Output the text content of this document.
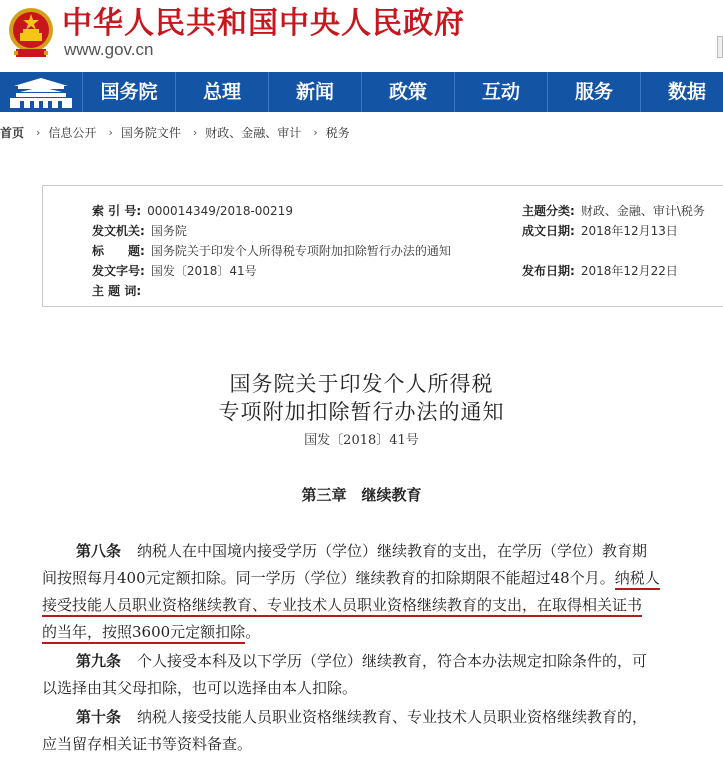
中华人民共和国中央人民政府
www.gov.cn
国务院	总理	新闻	政策	互动	服务	数据
首页 › 信息公开 › 国务院文件 › 财政、金融、审计 › 税务
索 引 号: 000014349/2018-00219	主题分类: 财政、金融、审计\税务
发文机关: 国务院	成文日期: 2018年12月13日
标　　题: 国务院关于印发个人所得税专项附加扣除暂行办法的通知
发文字号: 国发〔2018〕41号	发布日期: 2018年12月22日
主 题 词:
国务院关于印发个人所得税
专项附加扣除暂行办法的通知
国发〔2018〕41号
第三章　继续教育
第八条 纳税人在中国境内接受学历（学位）继续教育的支出，在学历（学位）教育期
间按照每月400元定额扣除。同一学历（学位）继续教育的扣除期限不能超过48个月。纳税人
接受技能人员职业资格继续教育、专业技术人员职业资格继续教育的支出，在取得相关证书
的当年，按照3600元定额扣除。
第九条 个人接受本科及以下学历（学位）继续教育，符合本办法规定扣除条件的，可
以选择由其父母扣除，也可以选择由本人扣除。
第十条 纳税人接受技能人员职业资格继续教育、专业技术人员职业资格继续教育的，
应当留存相关证书等资料备查。
